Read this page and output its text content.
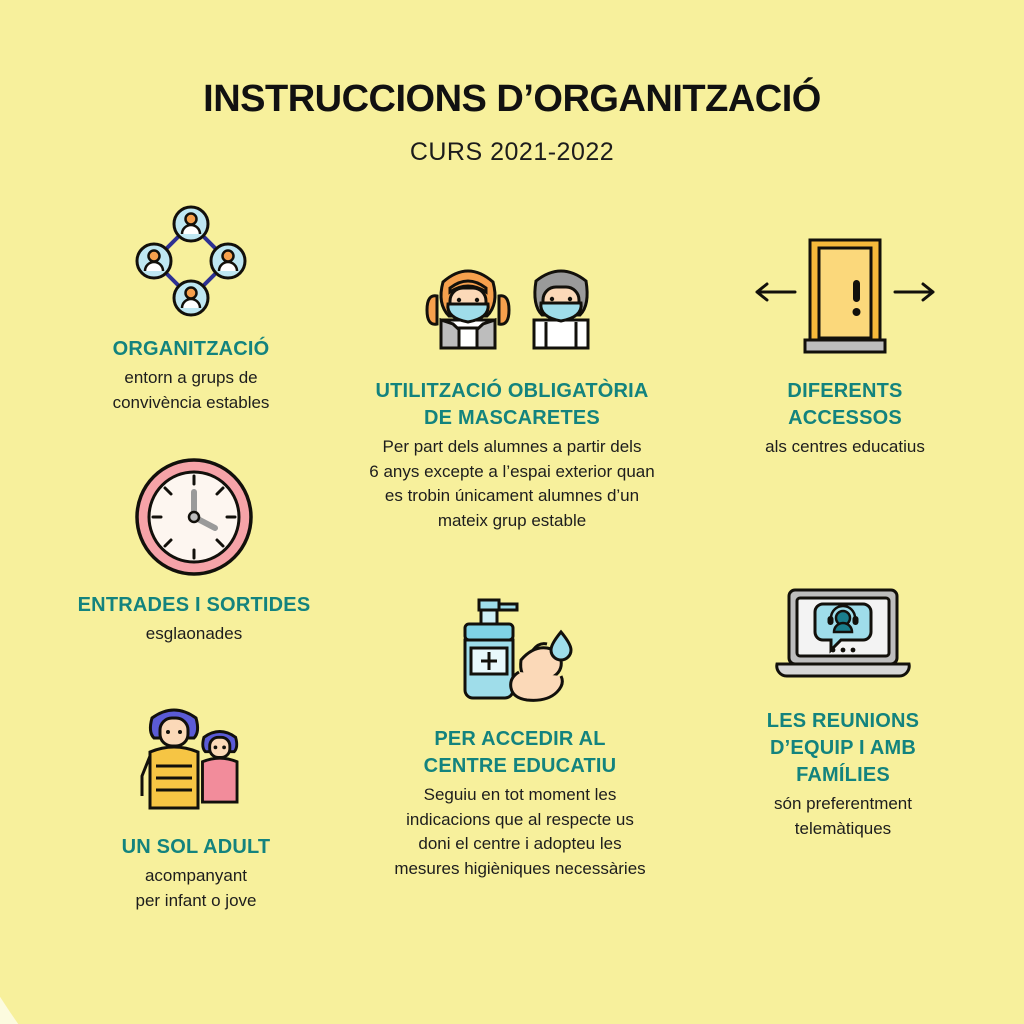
INSTRUCCIONS D’ORGANITZACIÓ
CURS 2021-2022
ORGANITZACIÓ
entorn a grups de
convivència estables
UTILITZACIÓ OBLIGATÒRIA
DE MASCARETES
Per part dels alumnes a partir dels
6 anys excepte a l’espai exterior quan
es trobin únicament alumnes d’un
mateix grup estable
DIFERENTS
ACCESSOS
als centres educatius
ENTRADES I SORTIDES
esglaonades
UN SOL ADULT
acompanyant
per infant o jove
PER ACCEDIR AL
CENTRE EDUCATIU
Seguiu en tot moment les
indicacions que al respecte us
doni el centre i adopteu les
mesures higièniques necessàries
LES REUNIONS
D’EQUIP I AMB
FAMÍLIES
són preferentment
telemàtiques
